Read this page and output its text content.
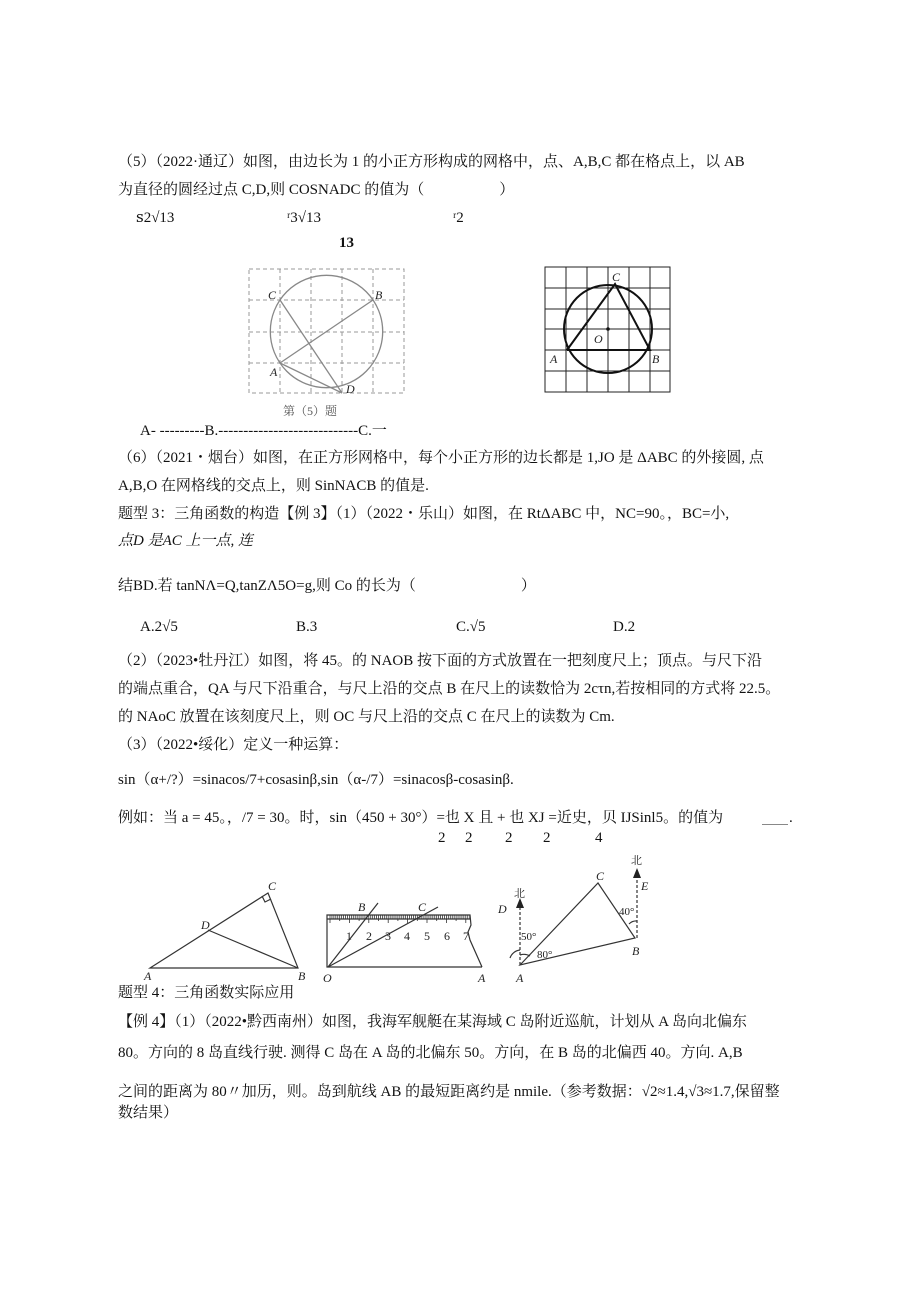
（5）（2022·通辽）如图，由边长为 1 的小正方形构成的网格中，点、A,B,C 都在格点上，以 AB
为直径的圆经过点 C,D,则 COSNADC 的值为（　　　　　）
ꜱ2√13	ʳ3√13	ʳ2
13
C	B
A
D
第（5）题
C
O
A	B
A	B
C
D
O	A
B	C
1 2 3 4 5 6 7
北
北
D
E
C
B
A
50°
80°
40°
A- ---------B.----------------------------C.一
（6）（2021・烟台）如图，在正方形网格中，每个小正方形的边长都是 1,JO 是 ΔABC 的外接圆, 点
A,B,O 在网格线的交点上，则 SinNACB 的值是.
题型 3：三角函数的构造【例 3】（1）（2022・乐山）如图，在 RtΔABC 中，NC=90。，BC=小,
点D 是AC 上一点, 连
结BD.若 tanNΛ=Q,tanZΛ5O=g,则 Co 的长为（　　　　　　　）
A.2√5	B.3	C.√5	D.2
（2）（2023•牡丹江）如图，将 45。的 NAOB 按下面的方式放置在一把刻度尺上；顶点。与尺下沿
的端点重合，QA 与尺下沿重合，与尺上沿的交点 B 在尺上的读数恰为 2cτn,若按相同的方式将 22.5。
的 NAoC 放置在该刻度尺上，则 OC 与尺上沿的交点 C 在尺上的读数为 Cm.
（3）（2022•绥化）定义一种运算：
sin（α+/?）=sinacos/7+cosasinβ,sin（α-/7）=sinacosβ-cosasinβ.
例如：当 a = 45。，/7 = 30。时，sin（450 + 30°）=也 X 且 + 也 XJ =近史，贝 IJSinl5。的值为	.
2 2 2 2	4
题型 4：三角函数实际应用
【例 4】（1）（2022•黔西南州）如图，我海军舰艇在某海域 C 岛附近巡航，计划从 A 岛向北偏东
80。方向的 8 岛直线行驶. 测得 C 岛在 A 岛的北偏东 50。方向，在 B 岛的北偏西 40。方向. A,B
之间的距离为 80〃加历，则。岛到航线 AB 的最短距离约是 nmile.（参考数据：√2≈1.4,√3≈1.7,保留整
数结果）
